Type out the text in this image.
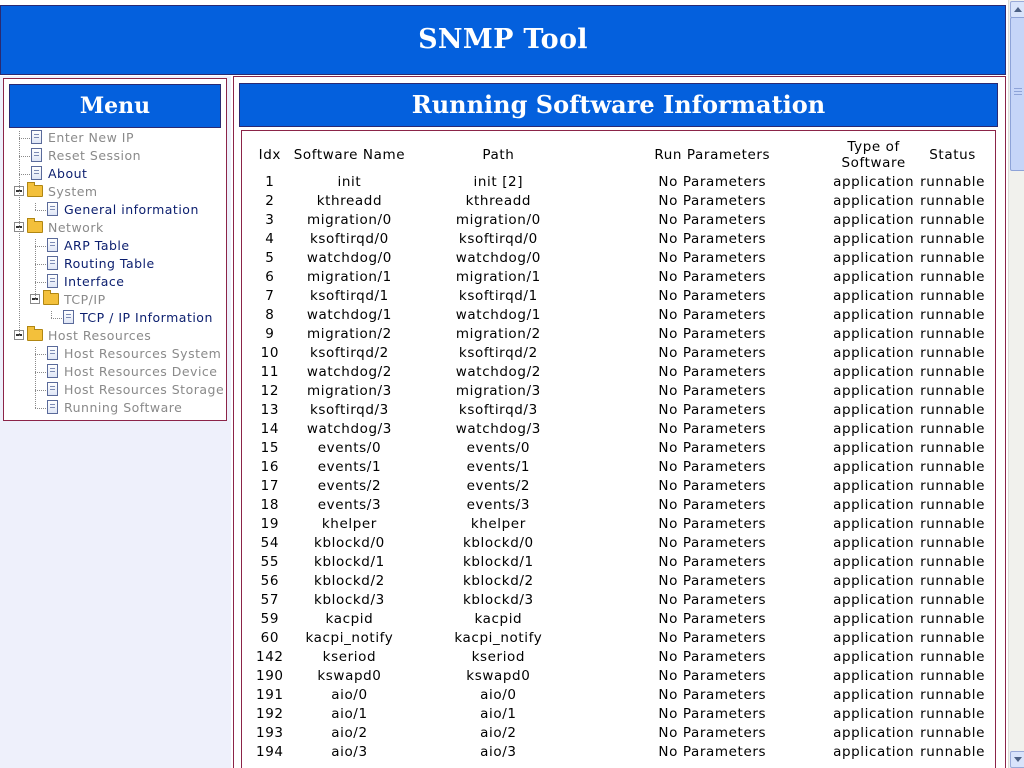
SNMP Tool
Menu
Enter New IP
Reset Session
About
System
General information
Network
ARP Table
Routing Table
Interface
TCP/IP
TCP / IP Information
Host Resources
Host Resources System
Host Resources Device
Host Resources Storage
Running Software
Running Software Information
Idx	Software Name	Path	Run Parameters	Type of Software	Status
1	init	init [2]	No Parameters	application	runnable
2	kthreadd	kthreadd	No Parameters	application	runnable
3	migration/0	migration/0	No Parameters	application	runnable
4	ksoftirqd/0	ksoftirqd/0	No Parameters	application	runnable
5	watchdog/0	watchdog/0	No Parameters	application	runnable
6	migration/1	migration/1	No Parameters	application	runnable
7	ksoftirqd/1	ksoftirqd/1	No Parameters	application	runnable
8	watchdog/1	watchdog/1	No Parameters	application	runnable
9	migration/2	migration/2	No Parameters	application	runnable
10	ksoftirqd/2	ksoftirqd/2	No Parameters	application	runnable
11	watchdog/2	watchdog/2	No Parameters	application	runnable
12	migration/3	migration/3	No Parameters	application	runnable
13	ksoftirqd/3	ksoftirqd/3	No Parameters	application	runnable
14	watchdog/3	watchdog/3	No Parameters	application	runnable
15	events/0	events/0	No Parameters	application	runnable
16	events/1	events/1	No Parameters	application	runnable
17	events/2	events/2	No Parameters	application	runnable
18	events/3	events/3	No Parameters	application	runnable
19	khelper	khelper	No Parameters	application	runnable
54	kblockd/0	kblockd/0	No Parameters	application	runnable
55	kblockd/1	kblockd/1	No Parameters	application	runnable
56	kblockd/2	kblockd/2	No Parameters	application	runnable
57	kblockd/3	kblockd/3	No Parameters	application	runnable
59	kacpid	kacpid	No Parameters	application	runnable
60	kacpi_notify	kacpi_notify	No Parameters	application	runnable
142	kseriod	kseriod	No Parameters	application	runnable
190	kswapd0	kswapd0	No Parameters	application	runnable
191	aio/0	aio/0	No Parameters	application	runnable
192	aio/1	aio/1	No Parameters	application	runnable
193	aio/2	aio/2	No Parameters	application	runnable
194	aio/3	aio/3	No Parameters	application	runnable
